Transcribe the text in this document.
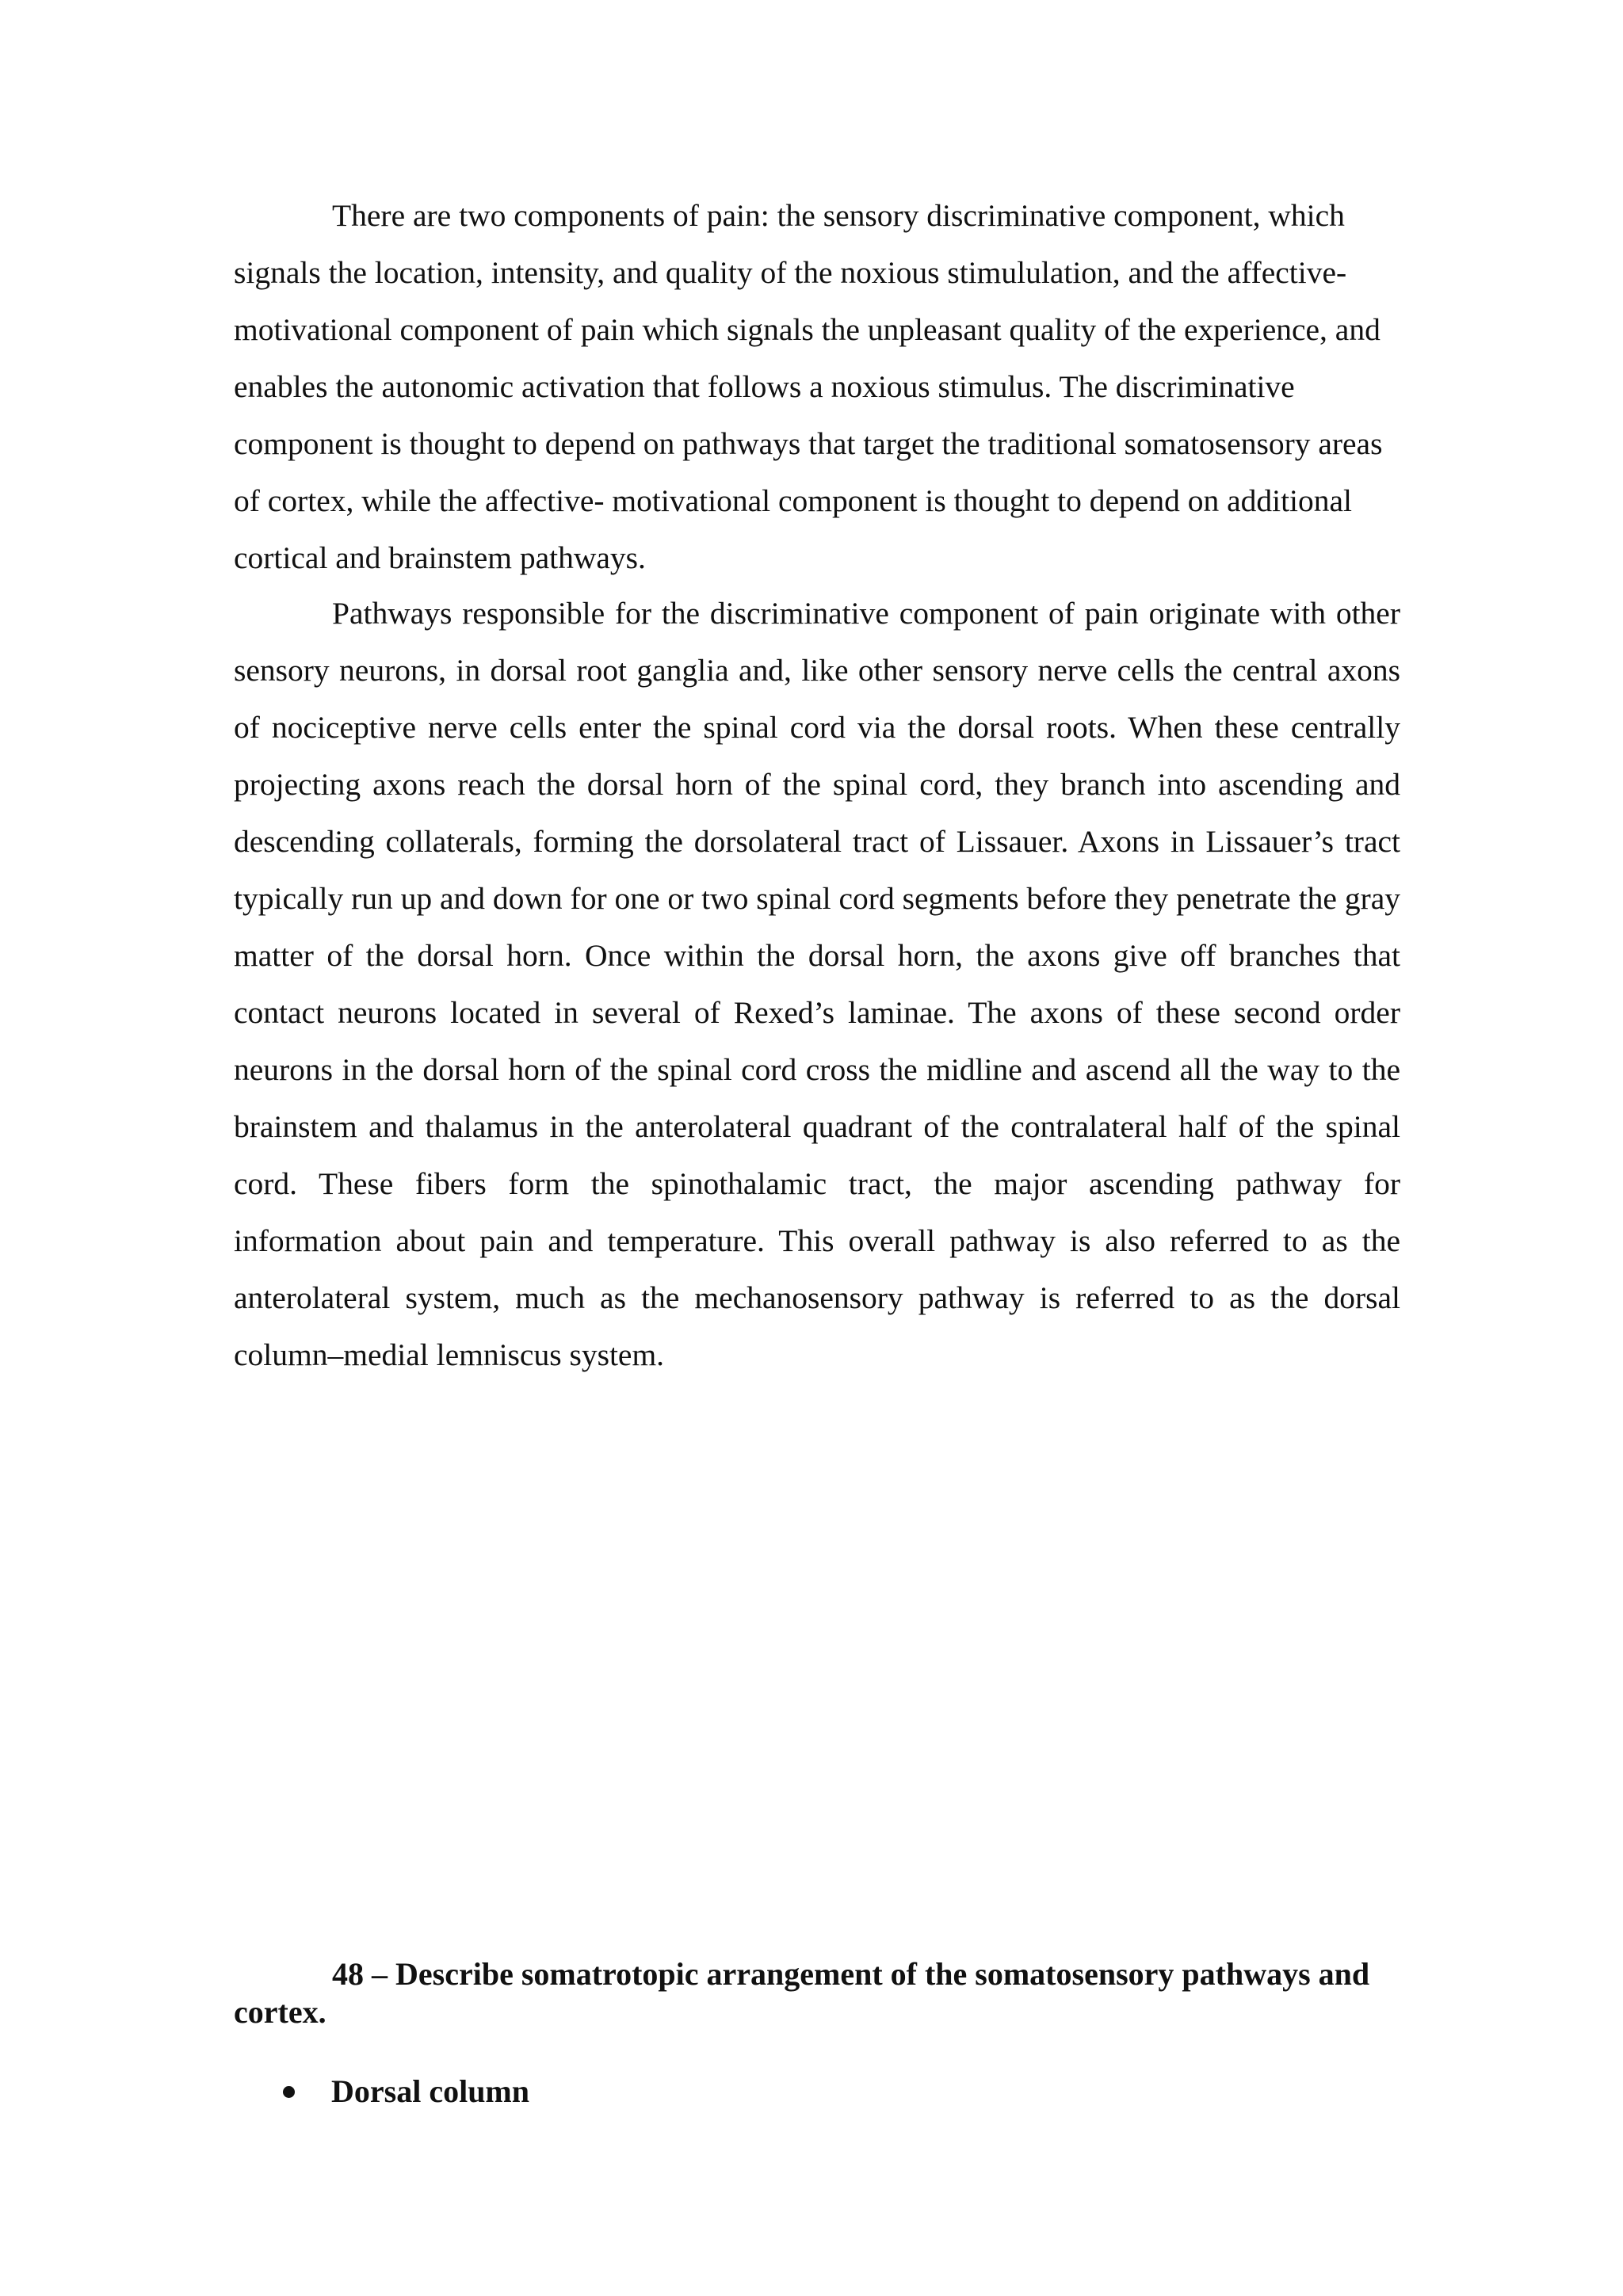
There are two components of pain: the sensory discriminative component, which signals the location, intensity, and quality of the noxious stimululation, and the affective-motivational component of pain which signals the unpleasant quality of the experience, and enables the autonomic activation that follows a noxious stimulus. The discriminative component is thought to depend on pathways that target the traditional somatosensory areas of cortex, while the affective- motivational component is thought to depend on additional cortical and brainstem pathways.

Pathways responsible for the discriminative component of pain originate with other sensory neurons, in dorsal root ganglia and, like other sensory nerve cells the central axons of nociceptive nerve cells enter the spinal cord via the dorsal roots. When these centrally projecting axons reach the dorsal horn of the spinal cord, they branch into ascending and descending collaterals, forming the dorsolateral tract of Lissauer. Axons in Lissauer’s tract typically run up and down for one or two spinal cord segments before they penetrate the gray matter of the dorsal horn. Once within the dorsal horn, the axons give off branches that contact neurons located in several of Rexed’s laminae. The axons of these second order neurons in the dorsal horn of the spinal cord cross the midline and ascend all the way to the brainstem and thalamus in the anterolateral quadrant of the contralateral half of the spinal cord. These fibers form the spinothalamic tract, the major ascending pathway for information about pain and temperature. This overall pathway is also referred to as the anterolateral system, much as the mechanosensory pathway is referred to as the dorsal column–medial lemniscus system.

48 – Describe somatrotopic arrangement of the somatosensory pathways and cortex.

Dorsal column
